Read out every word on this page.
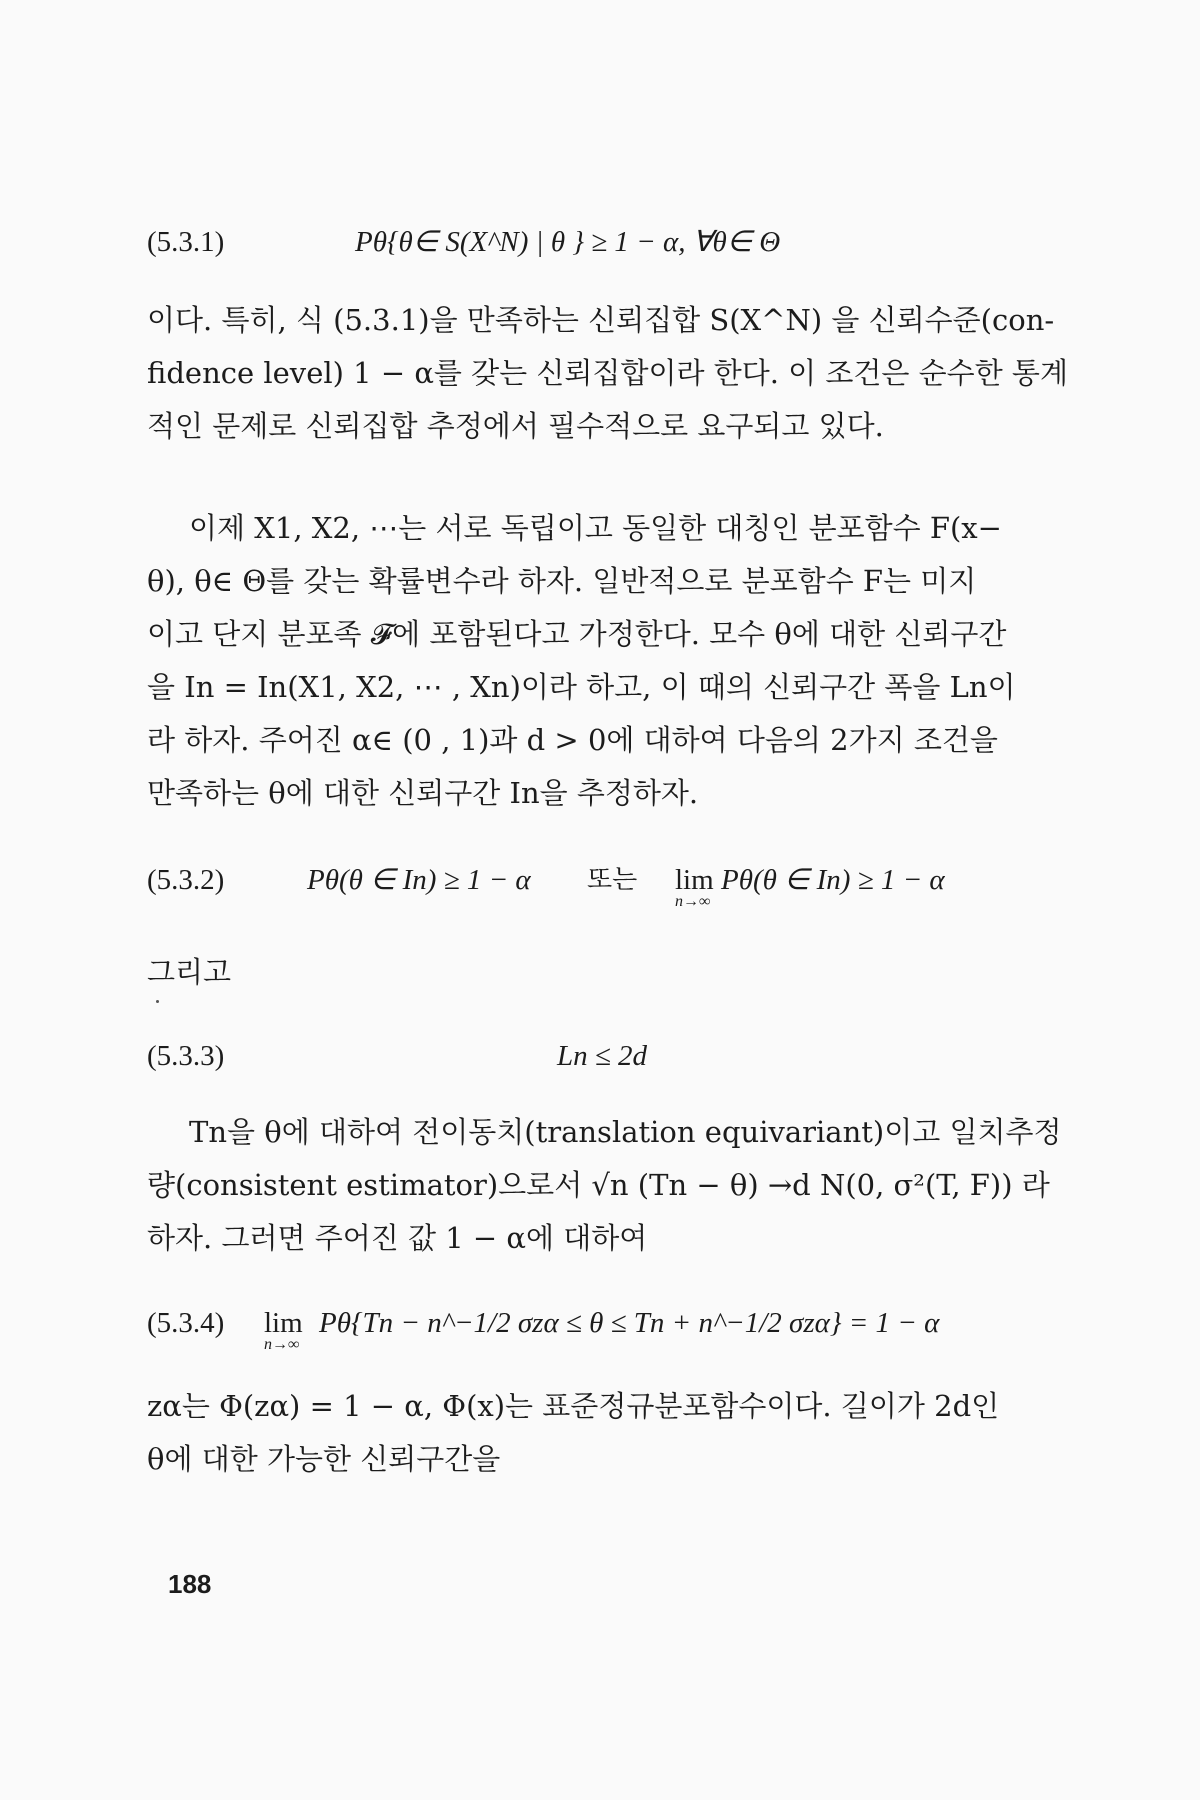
(5.3.1)	Pθ{θ∈ S(X^N) | θ } ≥ 1 − α, ∀θ∈ Θ
이다. 특히, 식 (5.3.1)을 만족하는 신뢰집합 S(X^N) 을 신뢰수준(con-
fidence level) 1 − α를 갖는 신뢰집합이라 한다. 이 조건은 순수한 통계
적인 문제로 신뢰집합 추정에서 필수적으로 요구되고 있다.
이제 X1, X2, ⋯는 서로 독립이고 동일한 대칭인 분포함수 F(x−
θ), θ∈ Θ를 갖는 확률변수라 하자. 일반적으로 분포함수 F는 미지
이고 단지 분포족 𝓕에 포함된다고 가정한다. 모수 θ에 대한 신뢰구간
을 In = In(X1, X2, ⋯ , Xn)이라 하고, 이 때의 신뢰구간 폭을 Ln이
라 하자. 주어진 α∈ (0 , 1)과 d > 0에 대하여 다음의 2가지 조건을
만족하는 θ에 대한 신뢰구간 In을 추정하자.
(5.3.2)	Pθ(θ ∈ In) ≥ 1 − α 또는 lim
n→∞
Pθ(θ ∈ In) ≥ 1 − α
그리고
(5.3.3)	Ln ≤ 2d
Tn을 θ에 대하여 전이동치(translation equivariant)이고 일치추정
량(consistent estimator)으로서 √n (Tn − θ) →d N(0, σ²(T, F)) 라
하자. 그러면 주어진 값 1 − α에 대하여
(5.3.4) lim
n→∞
Pθ{Tn − n^−1/2 σzα ≤ θ ≤ Tn + n^−1/2 σzα} = 1 − α
zα는 Φ(zα) = 1 − α, Φ(x)는 표준정규분포함수이다. 길이가 2d인
θ에 대한 가능한 신뢰구간을
188
